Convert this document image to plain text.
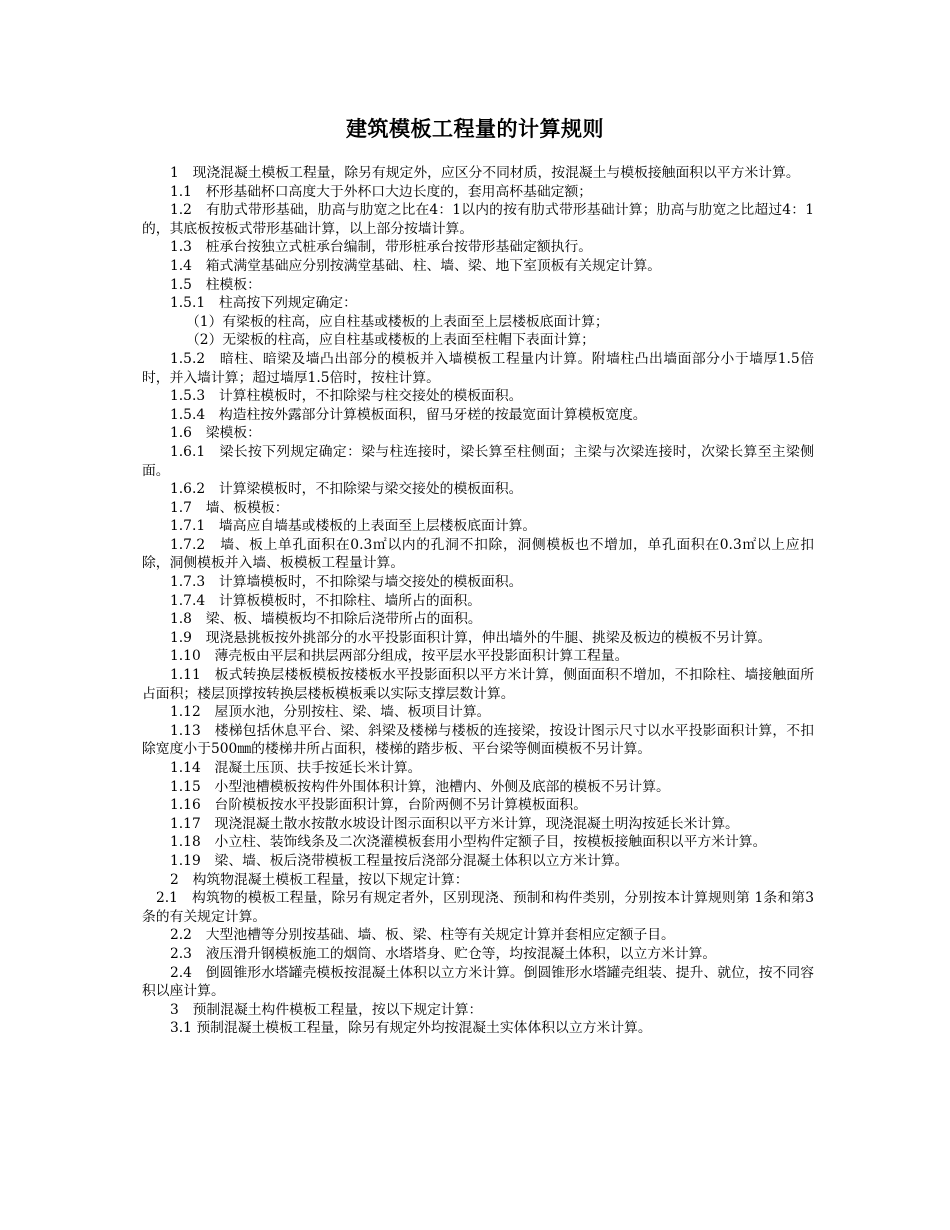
建筑模板工程量的计算规则

1　现浇混凝土模板工程量，除另有规定外，应区分不同材质，按混凝土与模板接触面积以平方米计算。

1.1　杯形基础杯口高度大于外杯口大边长度的，套用高杯基础定额；

1.2　有肋式带形基础，肋高与肋宽之比在4：1以内的按有肋式带形基础计算；肋高与肋宽之比超过4：1的，其底板按板式带形基础计算，以上部分按墙计算。

1.3　桩承台按独立式桩承台编制，带形桩承台按带形基础定额执行。

1.4　箱式满堂基础应分别按满堂基础、柱、墙、梁、地下室顶板有关规定计算。

1.5　柱模板：

1.5.1　柱高按下列规定确定：

（1）有梁板的柱高，应自柱基或楼板的上表面至上层楼板底面计算；

（2）无梁板的柱高，应自柱基或楼板的上表面至柱帽下表面计算；

1.5.2　暗柱、暗梁及墙凸出部分的模板并入墙模板工程量内计算。附墙柱凸出墙面部分小于墙厚1.5倍时，并入墙计算；超过墙厚1.5倍时，按柱计算。

1.5.3　计算柱模板时，不扣除梁与柱交接处的模板面积。

1.5.4　构造柱按外露部分计算模板面积，留马牙槎的按最宽面计算模板宽度。

1.6　梁模板：

1.6.1　梁长按下列规定确定：梁与柱连接时，梁长算至柱侧面；主梁与次梁连接时，次梁长算至主梁侧面。

1.6.2　计算梁模板时，不扣除梁与梁交接处的模板面积。

1.7　墙、板模板：

1.7.1　墙高应自墙基或楼板的上表面至上层楼板底面计算。

1.7.2　墙、板上单孔面积在0.3㎡以内的孔洞不扣除，洞侧模板也不增加，单孔面积在0.3㎡以上应扣除，洞侧模板并入墙、板模板工程量计算。

1.7.3　计算墙模板时，不扣除梁与墙交接处的模板面积。

1.7.4　计算板模板时，不扣除柱、墙所占的面积。

1.8　梁、板、墙模板均不扣除后浇带所占的面积。

1.9　现浇悬挑板按外挑部分的水平投影面积计算，伸出墙外的牛腿、挑梁及板边的模板不另计算。

1.10　薄壳板由平层和拱层两部分组成，按平层水平投影面积计算工程量。

1.11　板式转换层楼板模板按楼板水平投影面积以平方米计算，侧面面积不增加，不扣除柱、墙接触面所占面积；楼层顶撑按转换层楼板模板乘以实际支撑层数计算。

1.12　屋顶水池，分别按柱、梁、墙、板项目计算。

1.13　楼梯包括休息平台、梁、斜梁及楼梯与楼板的连接梁，按设计图示尺寸以水平投影面积计算，不扣除宽度小于500㎜的楼梯井所占面积，楼梯的踏步板、平台梁等侧面模板不另计算。

1.14　混凝土压顶、扶手按延长米计算。

1.15　小型池槽模板按构件外围体积计算，池槽内、外侧及底部的模板不另计算。

1.16　台阶模板按水平投影面积计算，台阶两侧不另计算模板面积。

1.17　现浇混凝土散水按散水坡设计图示面积以平方米计算，现浇混凝土明沟按延长米计算。

1.18　小立柱、装饰线条及二次浇灌模板套用小型构件定额子目，按模板接触面积以平方米计算。

1.19　梁、墙、板后浇带模板工程量按后浇部分混凝土体积以立方米计算。

2　构筑物混凝土模板工程量，按以下规定计算：

2.1　构筑物的模板工程量，除另有规定者外，区别现浇、预制和构件类别，分别按本计算规则第 1条和第3条的有关规定计算。

2.2　大型池槽等分别按基础、墙、板、梁、柱等有关规定计算并套相应定额子目。

2.3　液压滑升钢模板施工的烟筒、水塔塔身、贮仓等，均按混凝土体积，以立方米计算。

2.4　倒圆锥形水塔罐壳模板按混凝土体积以立方米计算。倒圆锥形水塔罐壳组装、提升、就位，按不同容积以座计算。

3　预制混凝土构件模板工程量，按以下规定计算：

3.1 预制混凝土模板工程量，除另有规定外均按混凝土实体体积以立方米计算。
